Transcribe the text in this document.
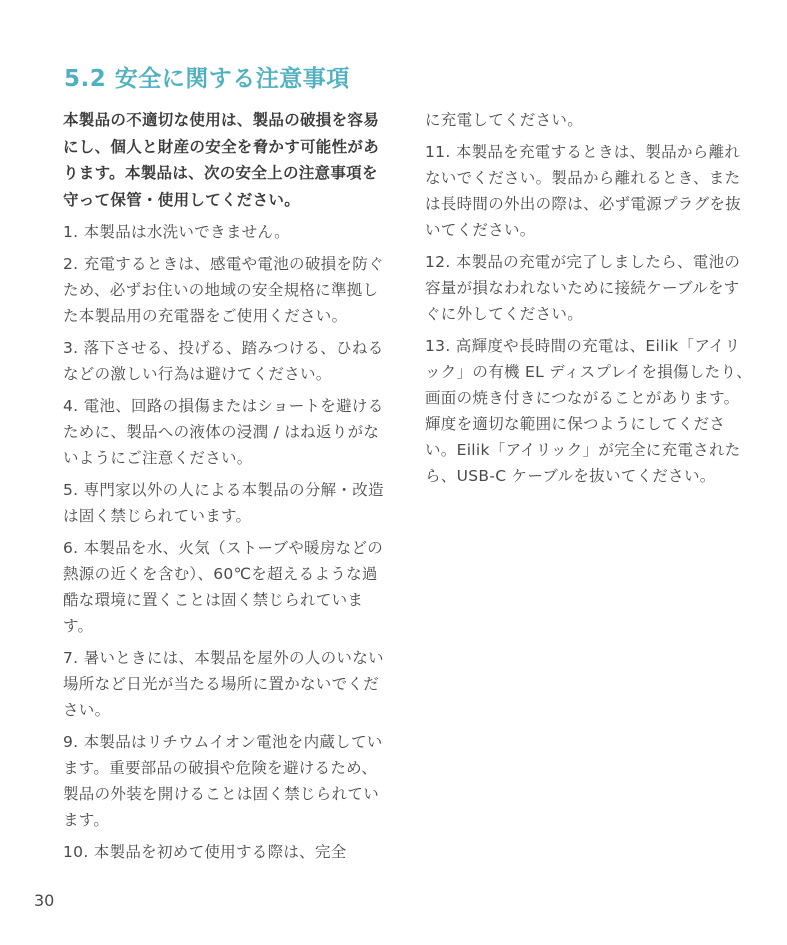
5.2 安全に関する注意事項
本製品の不適切な使用は、製品の破損を容易にし、個人と財産の安全を脅かす可能性があります。本製品は、次の安全上の注意事項を守って保管・使用してください。
1. 本製品は水洗いできません。
2. 充電するときは、感電や電池の破損を防ぐため、必ずお住いの地域の安全規格に準拠した本製品用の充電器をご使用ください。
3. 落下させる、投げる、踏みつける、ひねるなどの激しい行為は避けてください。
4. 電池、回路の損傷またはショートを避けるために、製品への液体の浸潤 / はね返りがないようにご注意ください。
5. 専門家以外の人による本製品の分解・改造は固く禁じられています。
6. 本製品を水、火気（ストーブや暖房などの熱源の近くを含む）、60℃を超えるような過酷な環境に置くことは固く禁じられています。
7. 暑いときには、本製品を屋外の人のいない場所など日光が当たる場所に置かないでください。
9. 本製品はリチウムイオン電池を内蔵しています。重要部品の破損や危険を避けるため、製品の外装を開けることは固く禁じられています。
10. 本製品を初めて使用する際は、完全
に充電してください。
11. 本製品を充電するときは、製品から離れないでください。製品から離れるとき、または長時間の外出の際は、必ず電源プラグを抜いてください。
12. 本製品の充電が完了しましたら、電池の容量が損なわれないために接続ケーブルをすぐに外してください。
13. 高輝度や長時間の充電は、Eilik「アイリック」の有機 EL ディスプレイを損傷したり、画面の焼き付きにつながることがあります。輝度を適切な範囲に保つようにしてください。Eilik「アイリック」が完全に充電されたら、USB-C ケーブルを抜いてください。
30
